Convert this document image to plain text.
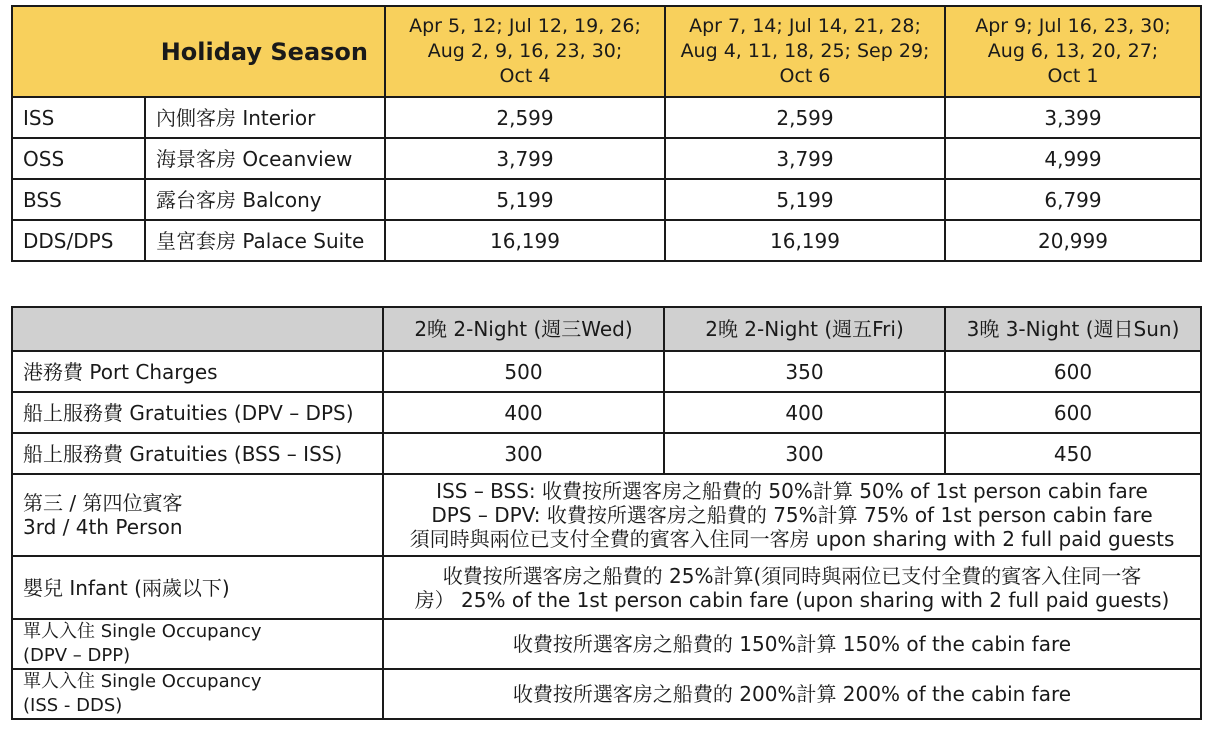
Holiday Season		Apr 5, 12; Jul 12, 19, 26;
Aug 2, 9, 16, 23, 30;
Oct 4	Apr 7, 14; Jul 14, 21, 28;
Aug 4, 11, 18, 25; Sep 29;
Oct 6	Apr 9; Jul 16, 23, 30;
Aug 6, 13, 20, 27;
Oct 1
ISS	內側客房 Interior	2,599	2,599	3,399
OSS	海景客房 Oceanview	3,799	3,799	4,999
BSS	露台客房 Balcony	5,199	5,199	6,799
DDS/DPS	皇宮套房 Palace Suite	16,199	16,199	20,999
	2晚 2-Night (週三Wed)	2晚 2-Night (週五Fri)	3晚 3-Night (週日Sun)
港務費 Port Charges	500	350	600
船上服務費 Gratuities (DPV – DPS)	400	400	600
船上服務費 Gratuities (BSS – ISS)	300	300	450
第三 / 第四位賓客
3rd / 4th Person	ISS – BSS: 收費按所選客房之船費的 50%計算 50% of 1st person cabin fare
DPS – DPV: 收費按所選客房之船費的 75%計算 75% of 1st person cabin fare
須同時與兩位已支付全費的賓客入住同一客房 upon sharing with 2 full paid guests		
嬰兒 Infant (兩歲以下)	收費按所選客房之船費的 25%計算(須同時與兩位已支付全費的賓客入住同一客
房） 25% of the 1st person cabin fare (upon sharing with 2 full paid guests)		
單人入住 Single Occupancy
(DPV – DPP)	收費按所選客房之船費的 150%計算 150% of the cabin fare		
單人入住 Single Occupancy
(ISS - DDS)	收費按所選客房之船費的 200%計算 200% of the cabin fare		
